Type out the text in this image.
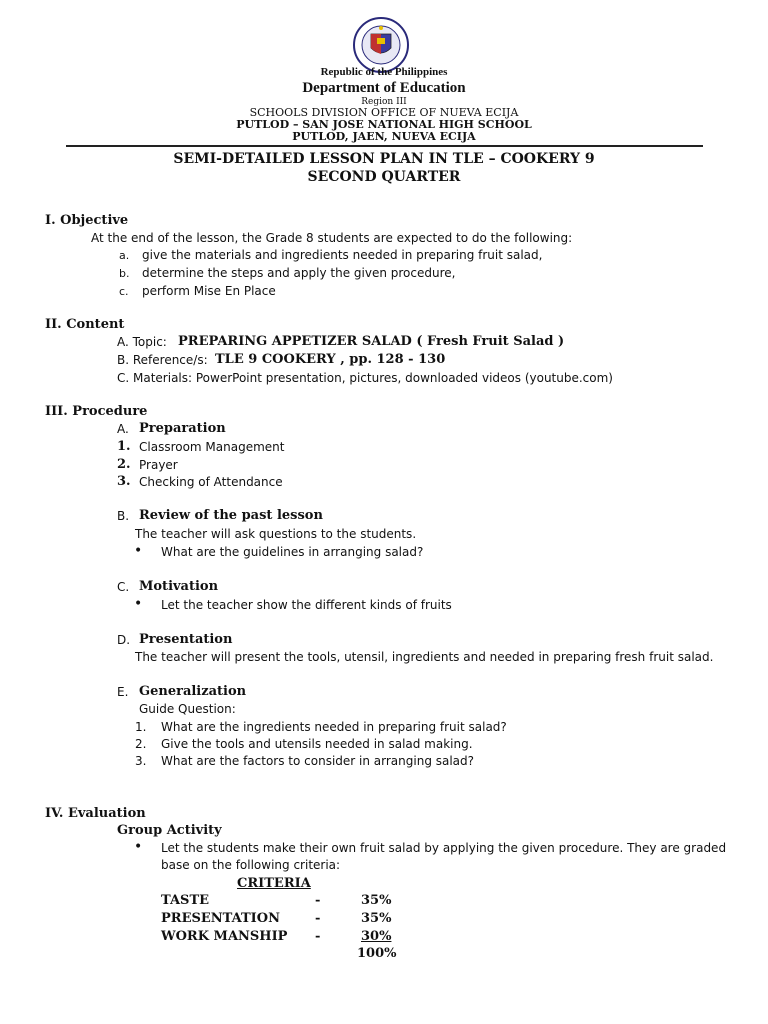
Republic of the Philippines
Department of Education
Region III
SCHOOLS DIVISION OFFICE OF NUEVA ECIJA
PUTLOD – SAN JOSE NATIONAL HIGH SCHOOL
PUTLOD, JAEN, NUEVA ECIJA
SEMI-DETAILED LESSON PLAN IN TLE – COOKERY 9
SECOND QUARTER
I. Objective
At the end of the lesson, the Grade 8 students are expected to do the following:
a. give the materials and ingredients needed in preparing fruit salad,
b. determine the steps and apply the given procedure,
c. perform Mise En Place
II. Content
A. Topic: PREPARING APPETIZER SALAD ( Fresh Fruit Salad )
B. Reference/s: TLE 9 COOKERY , pp. 128 - 130
C. Materials: PowerPoint presentation, pictures, downloaded videos (youtube.com)
III. Procedure
A. Preparation
1. Classroom Management
2. Prayer
3. Checking of Attendance
B. Review of the past lesson
The teacher will ask questions to the students.
•
What are the guidelines in arranging salad?
C. Motivation
•
Let the teacher show the different kinds of fruits
D. Presentation
The teacher will present the tools, utensil, ingredients and needed in preparing fresh fruit salad.
E. Generalization
Guide Question:
1. What are the ingredients needed in preparing fruit salad?
2. Give the tools and utensils needed in salad making.
3. What are the factors to consider in arranging salad?
IV. Evaluation
Group Activity
•
Let the students make their own fruit salad by applying the given procedure. They are graded
base on the following criteria:
CRITERIA
TASTE	-	35%
PRESENTATION	-	35%
WORK MANSHIP -	30%
100%
